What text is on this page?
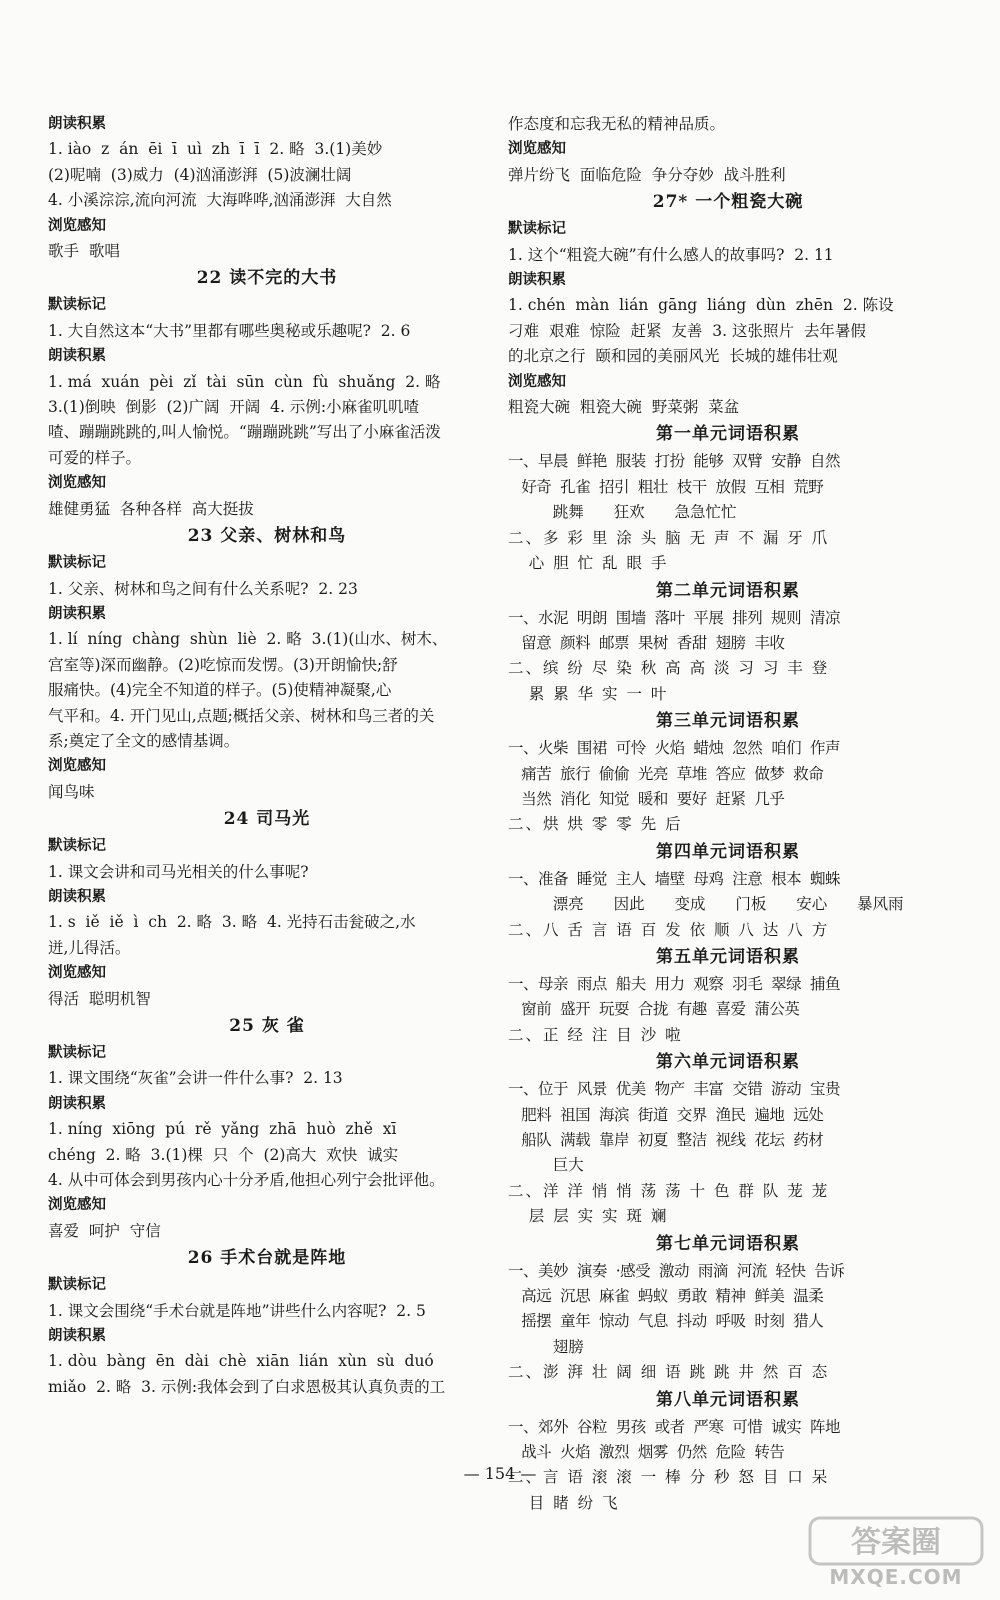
朗读积累
1. iào  z  án  ēi  ī  uì  zh  ī  ī  2. 略  3.(1)美妙
(2)呢喃  (3)威力  (4)汹涌澎湃  (5)波澜壮阔
4. 小溪淙淙,流向河流  大海哗哗,汹涌澎湃  大自然
浏览感知
歌手  歌唱
22 读不完的大书
默读标记
1. 大自然这本“大书”里都有哪些奥秘或乐趣呢?  2. 6
朗读积累
1. má  xuán  pèi  zǐ  tài  sūn  cùn  fù  shuǎng  2. 略
3.(1)倒映  倒影  (2)广阔  开阔  4. 示例:小麻雀叽叽喳
喳、蹦蹦跳跳的,叫人愉悦。“蹦蹦跳跳”写出了小麻雀活泼
可爱的样子。
浏览感知
雄健勇猛  各种各样  高大挺拔
23 父亲、树林和鸟
默读标记
1. 父亲、树林和鸟之间有什么关系呢?  2. 23
朗读积累
1. lí  níng  chàng  shùn  liè  2. 略  3.(1)(山水、树木、
宫室等)深而幽静。(2)吃惊而发愣。(3)开朗愉快;舒
服痛快。(4)完全不知道的样子。(5)使精神凝聚,心
气平和。4. 开门见山,点题;概括父亲、树林和鸟三者的关
系;奠定了全文的感情基调。
浏览感知
闻鸟味
24 司马光
默读标记
1. 课文会讲和司马光相关的什么事呢?
朗读积累
1. s  iě  iě  ì  ch  2. 略  3. 略  4. 光持石击瓮破之,水
迸,儿得活。
浏览感知
得活  聪明机智
25 灰 雀
默读标记
1. 课文围绕“灰雀”会讲一件什么事?  2. 13
朗读积累
1. níng  xiōng  pú  rě  yǎng  zhā  huò  zhě  xī
chéng  2. 略  3.(1)棵  只  个  (2)高大  欢快  诚实
4. 从中可体会到男孩内心十分矛盾,他担心列宁会批评他。
浏览感知
喜爱  呵护  守信
26 手术台就是阵地
默读标记
1. 课文会围绕“手术台就是阵地”讲些什么内容呢?  2. 5
朗读积累
1. dòu  bàng  ēn  dài  chè  xiān  lián  xùn  sù  duó
miǎo  2. 略  3. 示例:我体会到了白求恩极其认真负责的工
作态度和忘我无私的精神品质。
浏览感知
弹片纷飞  面临危险  争分夺妙  战斗胜利
27* 一个粗瓷大碗
默读标记
1. 这个“粗瓷大碗”有什么感人的故事吗?  2. 11
朗读积累
1. chén  màn  lián  gāng  liáng  dùn  zhēn  2. 陈设
刁难  艰难  惊险  赶紧  友善  3. 这张照片  去年暑假
的北京之行  颐和园的美丽风光  长城的雄伟壮观
浏览感知
粗瓷大碗  粗瓷大碗  野菜粥  菜盆
第一单元词语积累
一、早晨  鲜艳  服装  打扮  能够  双臂  安静  自然
好奇  孔雀  招引  粗壮  枝干  放假  互相  荒野
跳舞  狂欢  急急忙忙
二、多 彩 里 涂 头 脑 无 声 不 漏 牙 爪
心 胆 忙 乱 眼 手
第二单元词语积累
一、水泥  明朗  围墙  落叶  平展  排列  规则  清凉
留意  颜料  邮票  果树  香甜  翅膀  丰收
二、缤 纷 尽 染 秋 高 高 淡 习 习 丰 登
累 累 华 实 一 叶
第三单元词语积累
一、火柴  围裙  可怜  火焰  蜡烛  忽然  咱们  作声
痛苦  旅行  偷偷  光亮  草堆  答应  做梦  救命
当然  消化  知觉  暖和  要好  赶紧  几乎
二、烘 烘 零 零 先 后
第四单元词语积累
一、准备  睡觉  主人  墙壁  母鸡  注意  根本  蜘蛛
漂亮  因此  变成  门板  安心  暴风雨
二、八 舌 言 语 百 发 依 顺 八 达 八 方
第五单元词语积累
一、母亲  雨点  船夫  用力  观察  羽毛  翠绿  捕鱼
窗前  盛开  玩耍  合拢  有趣  喜爱  蒲公英
二、正 经 注 目 沙 啦
第六单元词语积累
一、位于  风景  优美  物产  丰富  交错  游动  宝贵
肥料  祖国  海滨  街道  交界  渔民  遍地  远处
船队  满载  靠岸  初夏  整洁  视线  花坛  药材
巨大
二、洋 洋 悄 悄 荡 荡 十 色 群 队 茏 茏
层 层 实 实 斑 斓
第七单元词语积累
一、美妙  演奏  ·感受  激动  雨滴  河流  轻快  告诉
高远  沉思  麻雀  蚂蚁  勇敢  精神  鲜美  温柔
摇摆  童年  惊动  气息  抖动  呼吸  时刻  猎人
翅膀
二、澎 湃 壮 阔 细 语 跳 跳 井 然 百 态
第八单元词语积累
一、郊外  谷粒  男孩  或者  严寒  可惜  诚实  阵地
战斗  火焰  激烈  烟雾  仍然  危险  转告
二、言 语 滚 滚 一 棒 分 秒 怒 目 口 呆
目 睹 纷 飞
— 154 —
答案圈
MXQE.COM
